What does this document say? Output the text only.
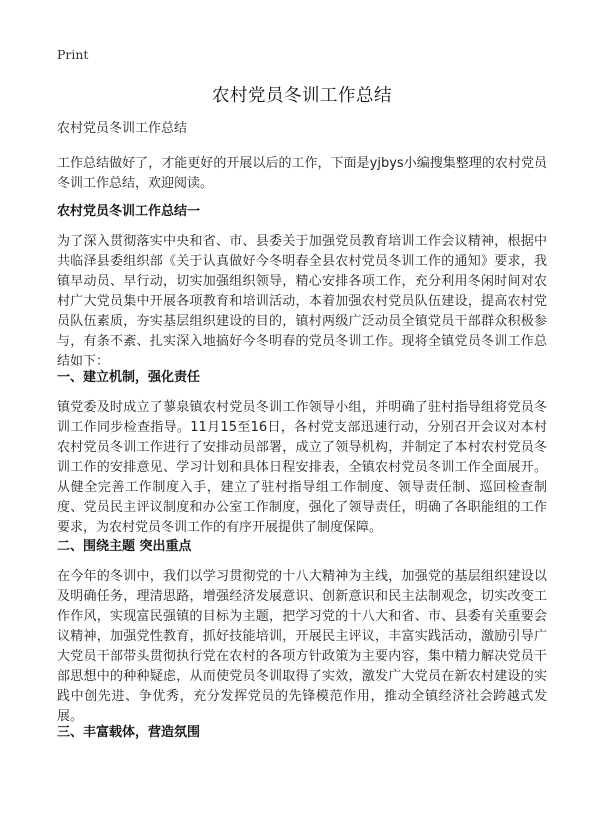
Print
农村党员冬训工作总结
农村党员冬训工作总结
工作总结做好了，才能更好的开展以后的工作，下面是yjbys小编搜集整理的农村党员冬训工作总结，欢迎阅读。
农村党员冬训工作总结一
为了深入贯彻落实中央和省、市、县委关于加强党员教育培训工作会议精神，根据中共临泽县委组织部《关于认真做好今冬明春全县农村党员冬训工作的通知》要求，我镇早动员、早行动，切实加强组织领导，精心安排各项工作，充分利用冬闲时间对农村广大党员集中开展各项教育和培训活动，本着加强农村党员队伍建设，提高农村党员队伍素质，夯实基层组织建设的目的，镇村两级广泛动员全镇党员干部群众积极参与，有条不紊、扎实深入地搞好今冬明春的党员冬训工作。现将全镇党员冬训工作总结如下：
一、建立机制，强化责任
镇党委及时成立了蓼泉镇农村党员冬训工作领导小组，并明确了驻村指导组将党员冬训工作同步检查指导。11月15至16日，各村党支部迅速行动，分别召开会议对本村农村党员冬训工作进行了安排动员部署，成立了领导机构，并制定了本村农村党员冬训工作的安排意见、学习计划和具体日程安排表，全镇农村党员冬训工作全面展开。从健全完善工作制度入手，建立了驻村指导组工作制度、领导责任制、巡回检查制度、党员民主评议制度和办公室工作制度，强化了领导责任，明确了各职能组的工作要求，为农村党员冬训工作的有序开展提供了制度保障。
二、围绕主题 突出重点
在今年的冬训中，我们以学习贯彻党的十八大精神为主线，加强党的基层组织建设以及明确任务，理清思路，增强经济发展意识、创新意识和民主法制观念，切实改变工作作风，实现富民强镇的目标为主题，把学习党的十八大和省、市、县委有关重要会议精神，加强党性教育，抓好技能培训，开展民主评议，丰富实践活动，激励引导广大党员干部带头贯彻执行党在农村的各项方针政策为主要内容，集中精力解决党员干部思想中的种种疑虑，从而使党员冬训取得了实效，激发广大党员在新农村建设的实践中创先进、争优秀，充分发挥党员的先锋模范作用，推动全镇经济社会跨越式发展。
三、丰富载体，营造氛围
